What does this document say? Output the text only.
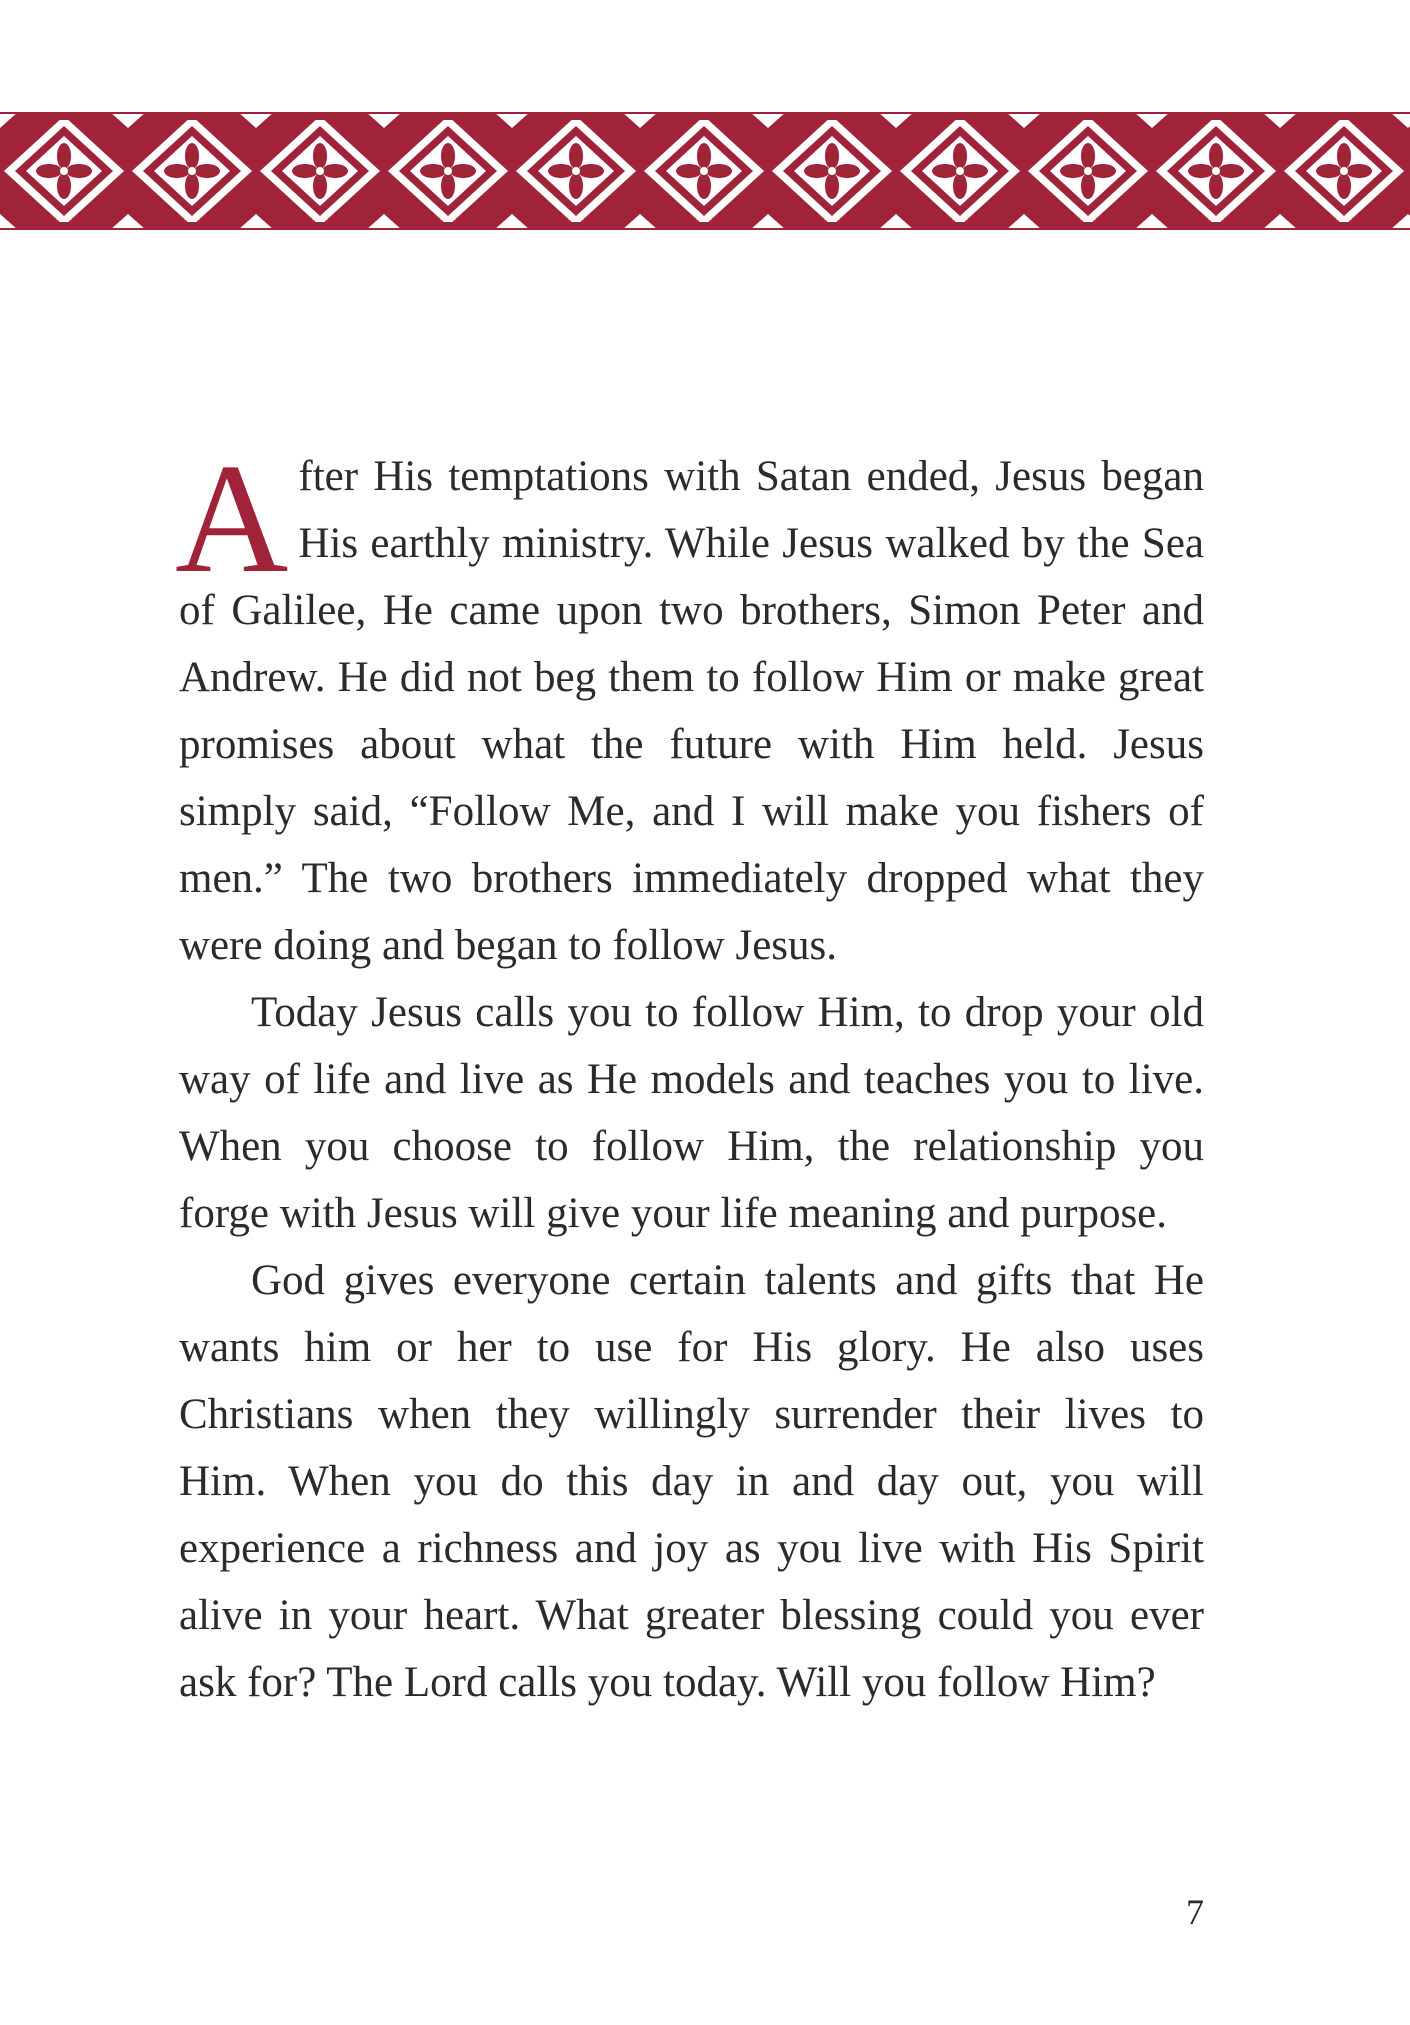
After His temptations with Satan ended, Jesus began His earthly ministry. While Jesus walked by the Sea of Galilee, He came upon two brothers, Simon Peter and Andrew. He did not beg them to follow Him or make great promises about what the future with Him held. Jesus simply said, “Follow Me, and I will make you fishers of men.” The two brothers immediately dropped what they were doing and began to follow Jesus.

Today Jesus calls you to follow Him, to drop your old way of life and live as He models and teaches you to live. When you choose to follow Him, the relationship you forge with Jesus will give your life meaning and purpose.

God gives everyone certain talents and gifts that He wants him or her to use for His glory. He also uses Christians when they willingly surrender their lives to Him. When you do this day in and day out, you will experience a richness and joy as you live with His Spirit alive in your heart. What greater blessing could you ever ask for? The Lord calls you today. Will you follow Him?

7
